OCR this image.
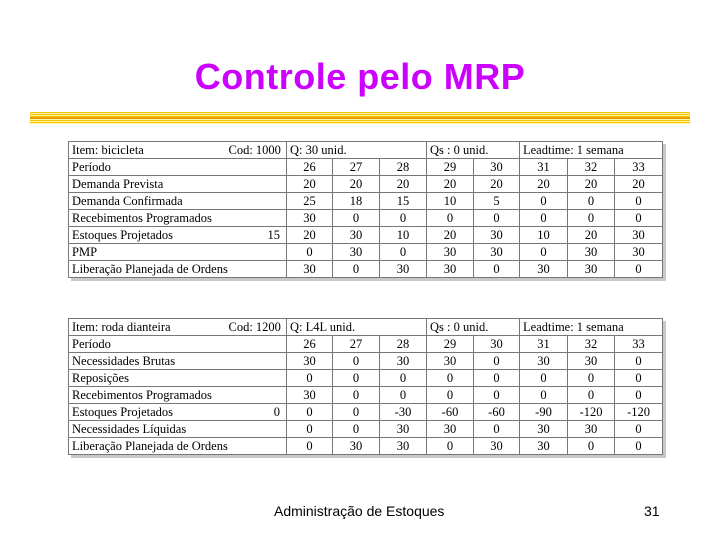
Controle pelo MRP
Item: bicicleta	Cod: 1000	Q: 30 unid.			Qs : 0 unid.		Leadtime: 1 semana		
Período		26	27	28	29	30	31	32	33
Demanda Prevista		20	20	20	20	20	20	20	20
Demanda Confirmada		25	18	15	10	5	0	0	0
Recebimentos Programados		30	0	0	0	0	0	0	0
Estoques Projetados	15	20	30	10	20	30	10	20	30
PMP		0	30	0	30	30	0	30	30
Liberação Planejada de Ordens		30	0	30	30	0	30	30	0
Item: roda dianteira	Cod: 1200	Q: L4L unid.			Qs : 0 unid.		Leadtime: 1 semana		
Período		26	27	28	29	30	31	32	33
Necessidades Brutas		30	0	30	30	0	30	30	0
Reposições		0	0	0	0	0	0	0	0
Recebimentos Programados		30	0	0	0	0	0	0	0
Estoques Projetados	0	0	0	-30	-60	-60	-90	-120	-120
Necessidades Líquidas		0	0	30	30	0	30	30	0
Liberação Planejada de Ordens		0	30	30	0	30	30	0	0
Administração de Estoques	31
